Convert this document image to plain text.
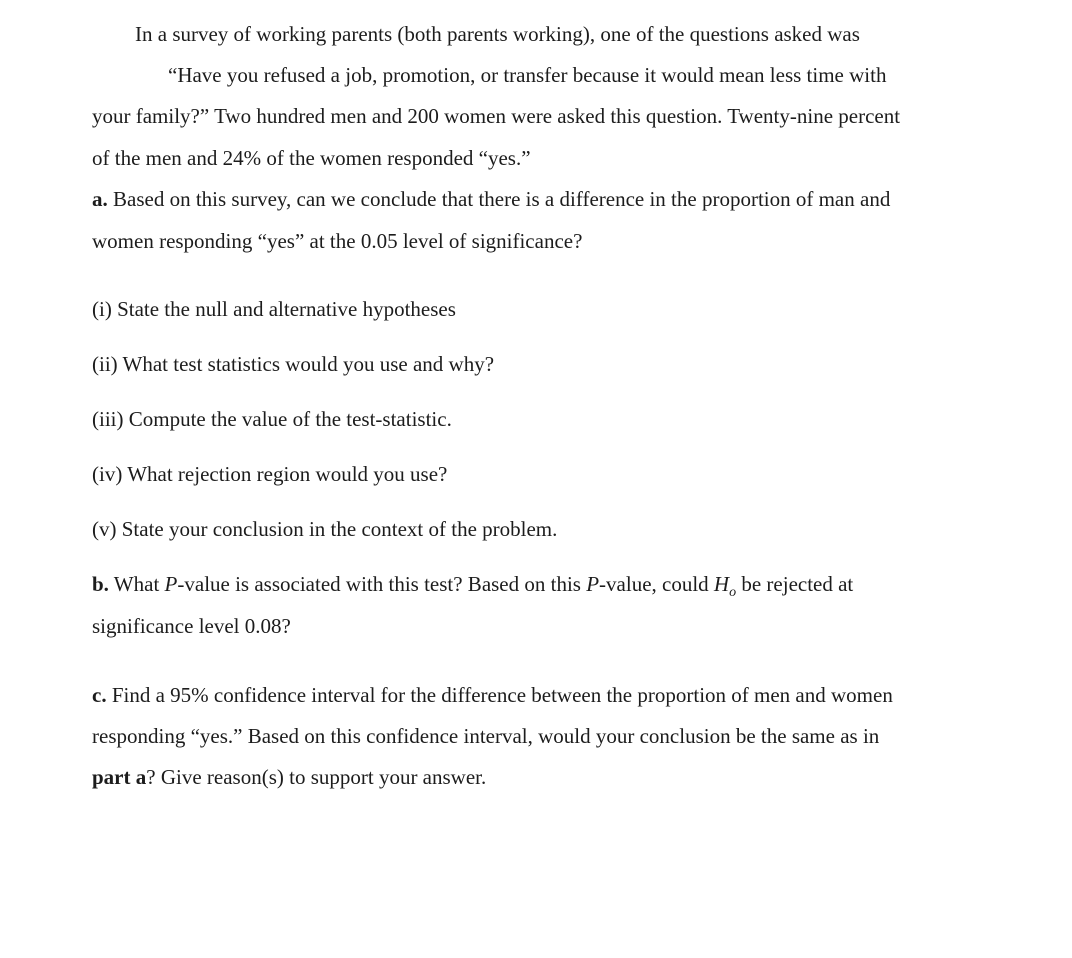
In a survey of working parents (both parents working), one of the questions asked was
“Have you refused a job, promotion, or transfer because it would mean less time with
your family?” Two hundred men and 200 women were asked this question. Twenty-nine percent
of the men and 24% of the women responded “yes.”
a. Based on this survey, can we conclude that there is a difference in the proportion of man and
women responding “yes” at the 0.05 level of significance?
(i) State the null and alternative hypotheses
(ii) What test statistics would you use and why?
(iii) Compute the value of the test-statistic.
(iv) What rejection region would you use?
(v) State your conclusion in the context of the problem.
b. What P-value is associated with this test? Based on this P-value, could $H_o$ be rejected at
significance level 0.08?
c. Find a 95% confidence interval for the difference between the proportion of men and women
responding “yes.” Based on this confidence interval, would your conclusion be the same as in
part a? Give reason(s) to support your answer.
